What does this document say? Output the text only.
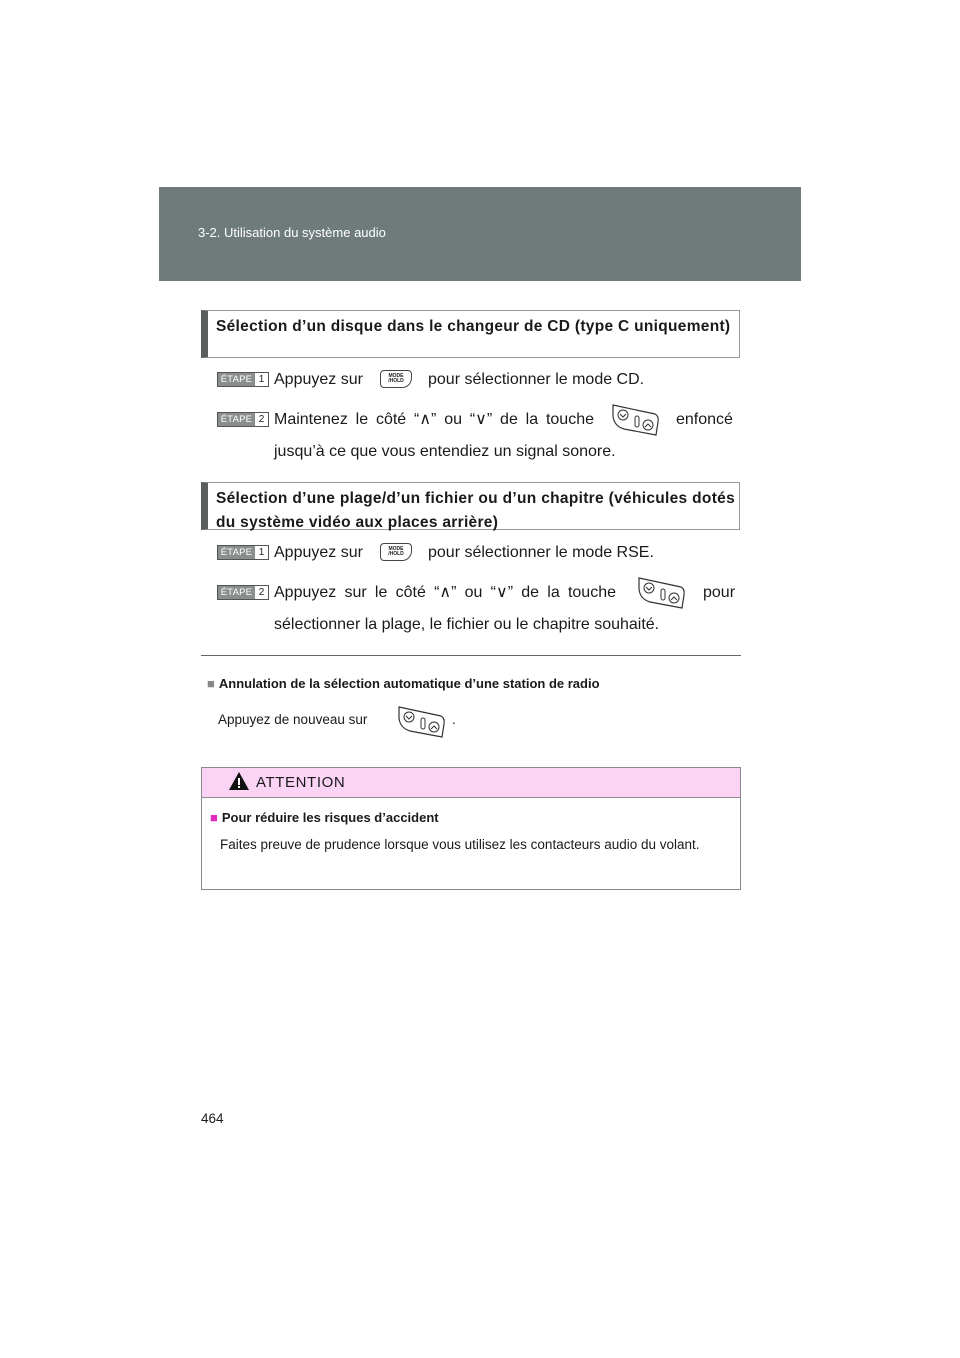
3-2. Utilisation du système audio
Sélection d’un disque dans le changeur de CD (type C uniquement)
ÉTAPE 1 Appuyez sur	MODE
/HOLD pour sélectionner le mode CD.
ÉTAPE 2 Maintenez le côté “∧” ou “∨” de la touche	enfoncé
jusqu’à ce que vous entendiez un signal sonore.
Sélection d’une plage/d’un fichier ou d’un chapitre (véhicules dotés du système vidéo aux places arrière)
ÉTAPE 1 Appuyez sur	MODE
/HOLD pour sélectionner le mode RSE.
ÉTAPE 2 Appuyez sur le côté “∧” ou “∨” de la touche	pour
sélectionner la plage, le fichier ou le chapitre souhaité.
■ Annulation de la sélection automatique d’une station de radio
Appuyez de nouveau sur	.
ATTENTION
■ Pour réduire les risques d’accident
Faites preuve de prudence lorsque vous utilisez les contacteurs audio du volant.
464
